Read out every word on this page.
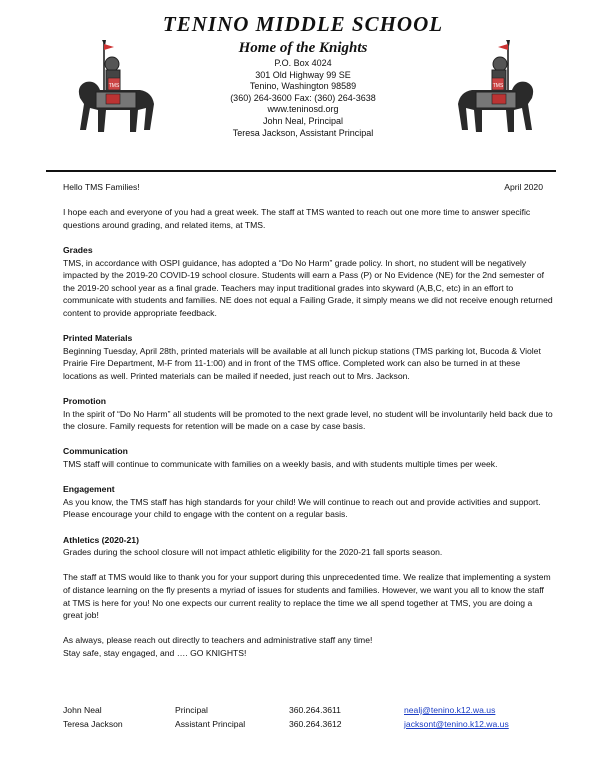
TENINO MIDDLE SCHOOL
Home of the Knights
P.O. Box 4024
301 Old Highway 99 SE
Tenino, Washington 98589
(360) 264-3600 Fax: (360) 264-3638
www.teninosd.org
John Neal, Principal
Teresa Jackson, Assistant Principal
TMS	TMS
Hello TMS Families!	April 2020
I hope each and everyone of you had a great week. The staff at TMS wanted to reach out one more time to answer specific questions around grading, and related items, at TMS.
Grades
TMS, in accordance with OSPI guidance, has adopted a “Do No Harm” grade policy. In short, no student will be negatively impacted by the 2019-20 COVID-19 school closure. Students will earn a Pass (P) or No Evidence (NE) for the 2nd semester of the 2019-20 school year as a final grade. Teachers may input traditional grades into skyward (A,B,C, etc) in an effort to communicate with students and families. NE does not equal a Failing Grade, it simply means we did not receive enough returned content to provide appropriate feedback.
Printed Materials
Beginning Tuesday, April 28th, printed materials will be available at all lunch pickup stations (TMS parking lot, Bucoda & Violet Prairie Fire Department, M-F from 11-1:00) and in front of the TMS office. Completed work can also be turned in at these locations as well. Printed materials can be mailed if needed, just reach out to Mrs. Jackson.
Promotion
In the spirit of “Do No Harm” all students will be promoted to the next grade level, no student will be involuntarily held back due to the closure. Family requests for retention will be made on a case by case basis.
Communication
TMS staff will continue to communicate with families on a weekly basis, and with students multiple times per week.
Engagement
As you know, the TMS staff has high standards for your child! We will continue to reach out and provide activities and support. Please encourage your child to engage with the content on a regular basis.
Athletics (2020-21)
Grades during the school closure will not impact athletic eligibility for the 2020-21 fall sports season.
The staff at TMS would like to thank you for your support during this unprecedented time. We realize that implementing a system of distance learning on the fly presents a myriad of issues for students and families. However, we want you all to know the staff at TMS is here for you! No one expects our current reality to replace the time we all spend together at TMS, you are doing a great job!
As always, please reach out directly to teachers and administrative staff any time!
Stay safe, stay engaged, and …. GO KNIGHTS!
John Neal	Principal	360.264.3611	nealj@tenino.k12.wa.us
Teresa Jackson	Assistant Principal	360.264.3612	jacksont@tenino.k12.wa.us
